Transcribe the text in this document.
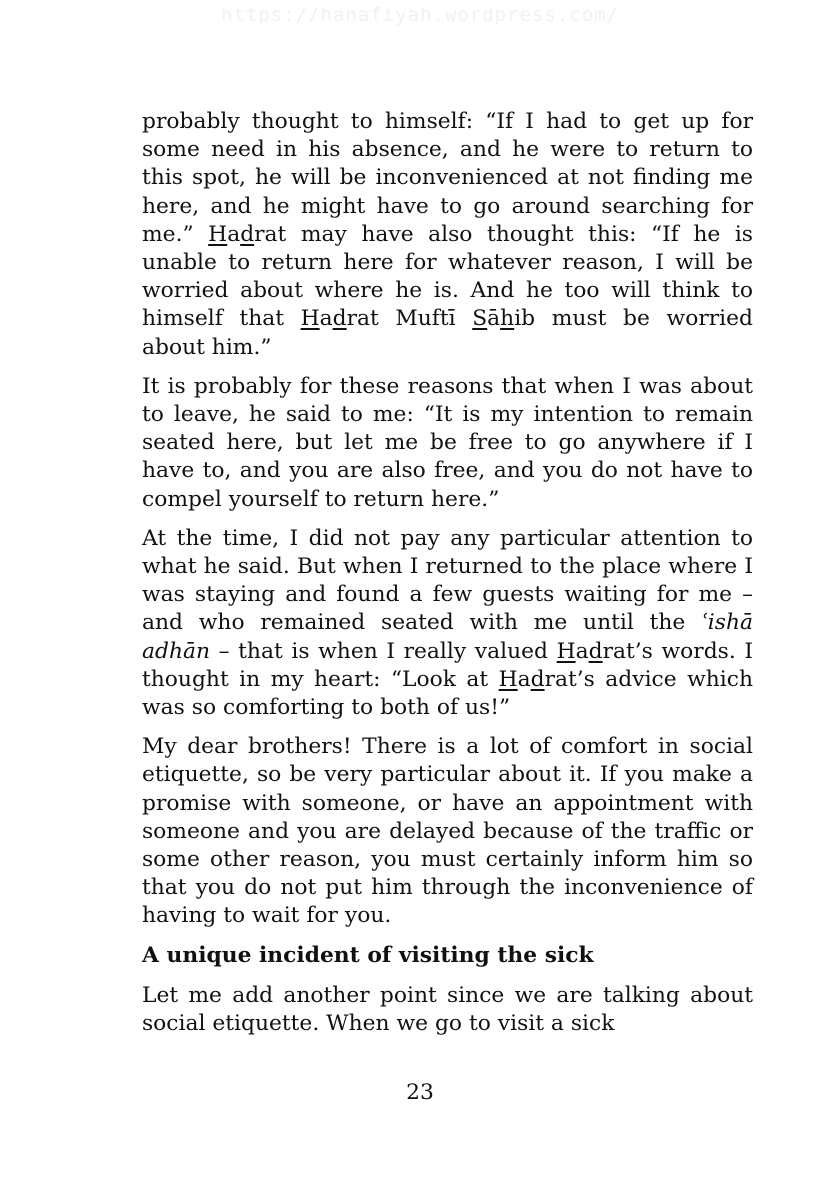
https://hanafiyah.wordpress.com/

probably thought to himself: “If I had to get up for some need in his absence, and he were to return to this spot, he will be inconvenienced at not finding me here, and he might have to go around searching for me.” Hadrat may have also thought this: “If he is unable to return here for whatever reason, I will be worried about where he is. And he too will think to himself that Hadrat Muftī Sāhib must be worried about him.”

It is probably for these reasons that when I was about to leave, he said to me: “It is my intention to remain seated here, but let me be free to go anywhere if I have to, and you are also free, and you do not have to compel yourself to return here.”

At the time, I did not pay any particular attention to what he said. But when I returned to the place where I was staying and found a few guests waiting for me – and who remained seated with me until the ʿishā adhān – that is when I really valued Hadrat’s words. I thought in my heart: “Look at Hadrat’s advice which was so comforting to both of us!”

My dear brothers! There is a lot of comfort in social etiquette, so be very particular about it. If you make a promise with someone, or have an appointment with someone and you are delayed because of the traffic or some other reason, you must certainly inform him so that you do not put him through the inconvenience of having to wait for you.

A unique incident of visiting the sick

Let me add another point since we are talking about social etiquette. When we go to visit a sick

23
